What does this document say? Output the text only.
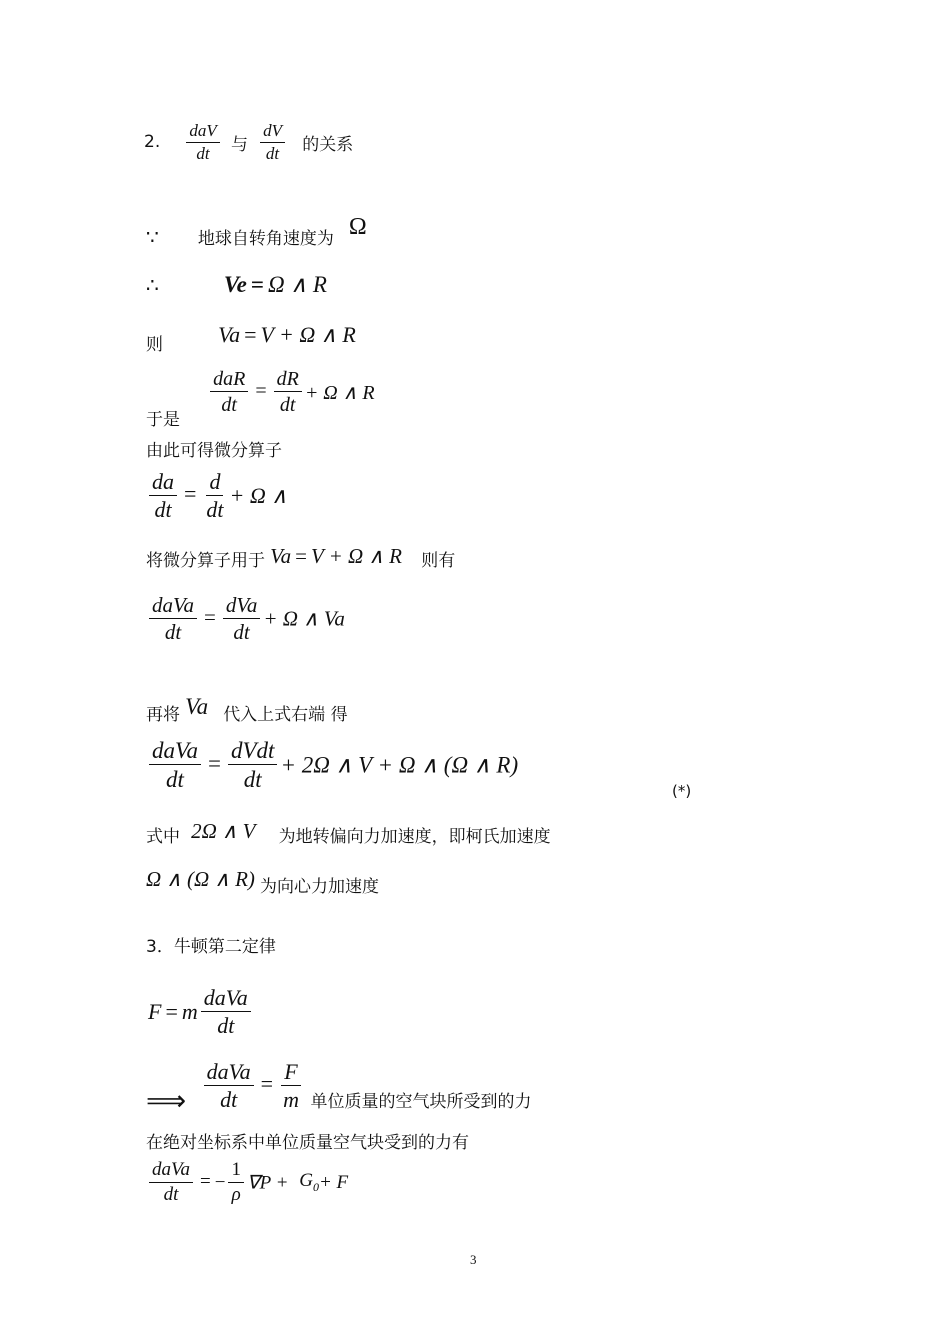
2. $\frac{\text{daV}}{dt}$ 与 $\frac{dV}{dt}$ 的关系
∵ 地球自转角速度为 Ω
∴	Ve = Ω ∧ R
则	Va = V + Ω ∧ R
于是
$\frac{\text{daR}}{dt} = \frac{dR}{dt} + \Omega$ ∧ R
由此可得微分算子
$\frac{da}{dt} = \frac{d}{dt} + \Omega$ ∧
将微分算子用于 Va = V + Ω ∧ R 则有
$\frac{\text{daVa}}{dt} = \frac{\text{dVa}}{dt} + \Omega$ ∧ Va
再将 Va 代入上式右端 得
$\frac{\text{daVa}}{dt} = \frac{\text{dVdt}}{dt} + 2\Omega$ ∧ V + Ω ∧ (Ω ∧ R)
(*)
式中 2Ω ∧ V 为地转偏向力加速度，即柯氏加速度
Ω ∧ (Ω ∧ R) 为向心力加速度
3．牛顿第二定律
F = m $\frac{\text{daVa}}{dt}$
⟹ $\frac{\text{daVa}}{dt} = \frac{F}{m}$ 单位质量的空气块所受到的力
在绝对坐标系中单位质量空气块受到的力有
$\frac{\text{daVa}}{dt}$ = − $\frac{1}{\rho} \nabla P + G_0+ F$
3
